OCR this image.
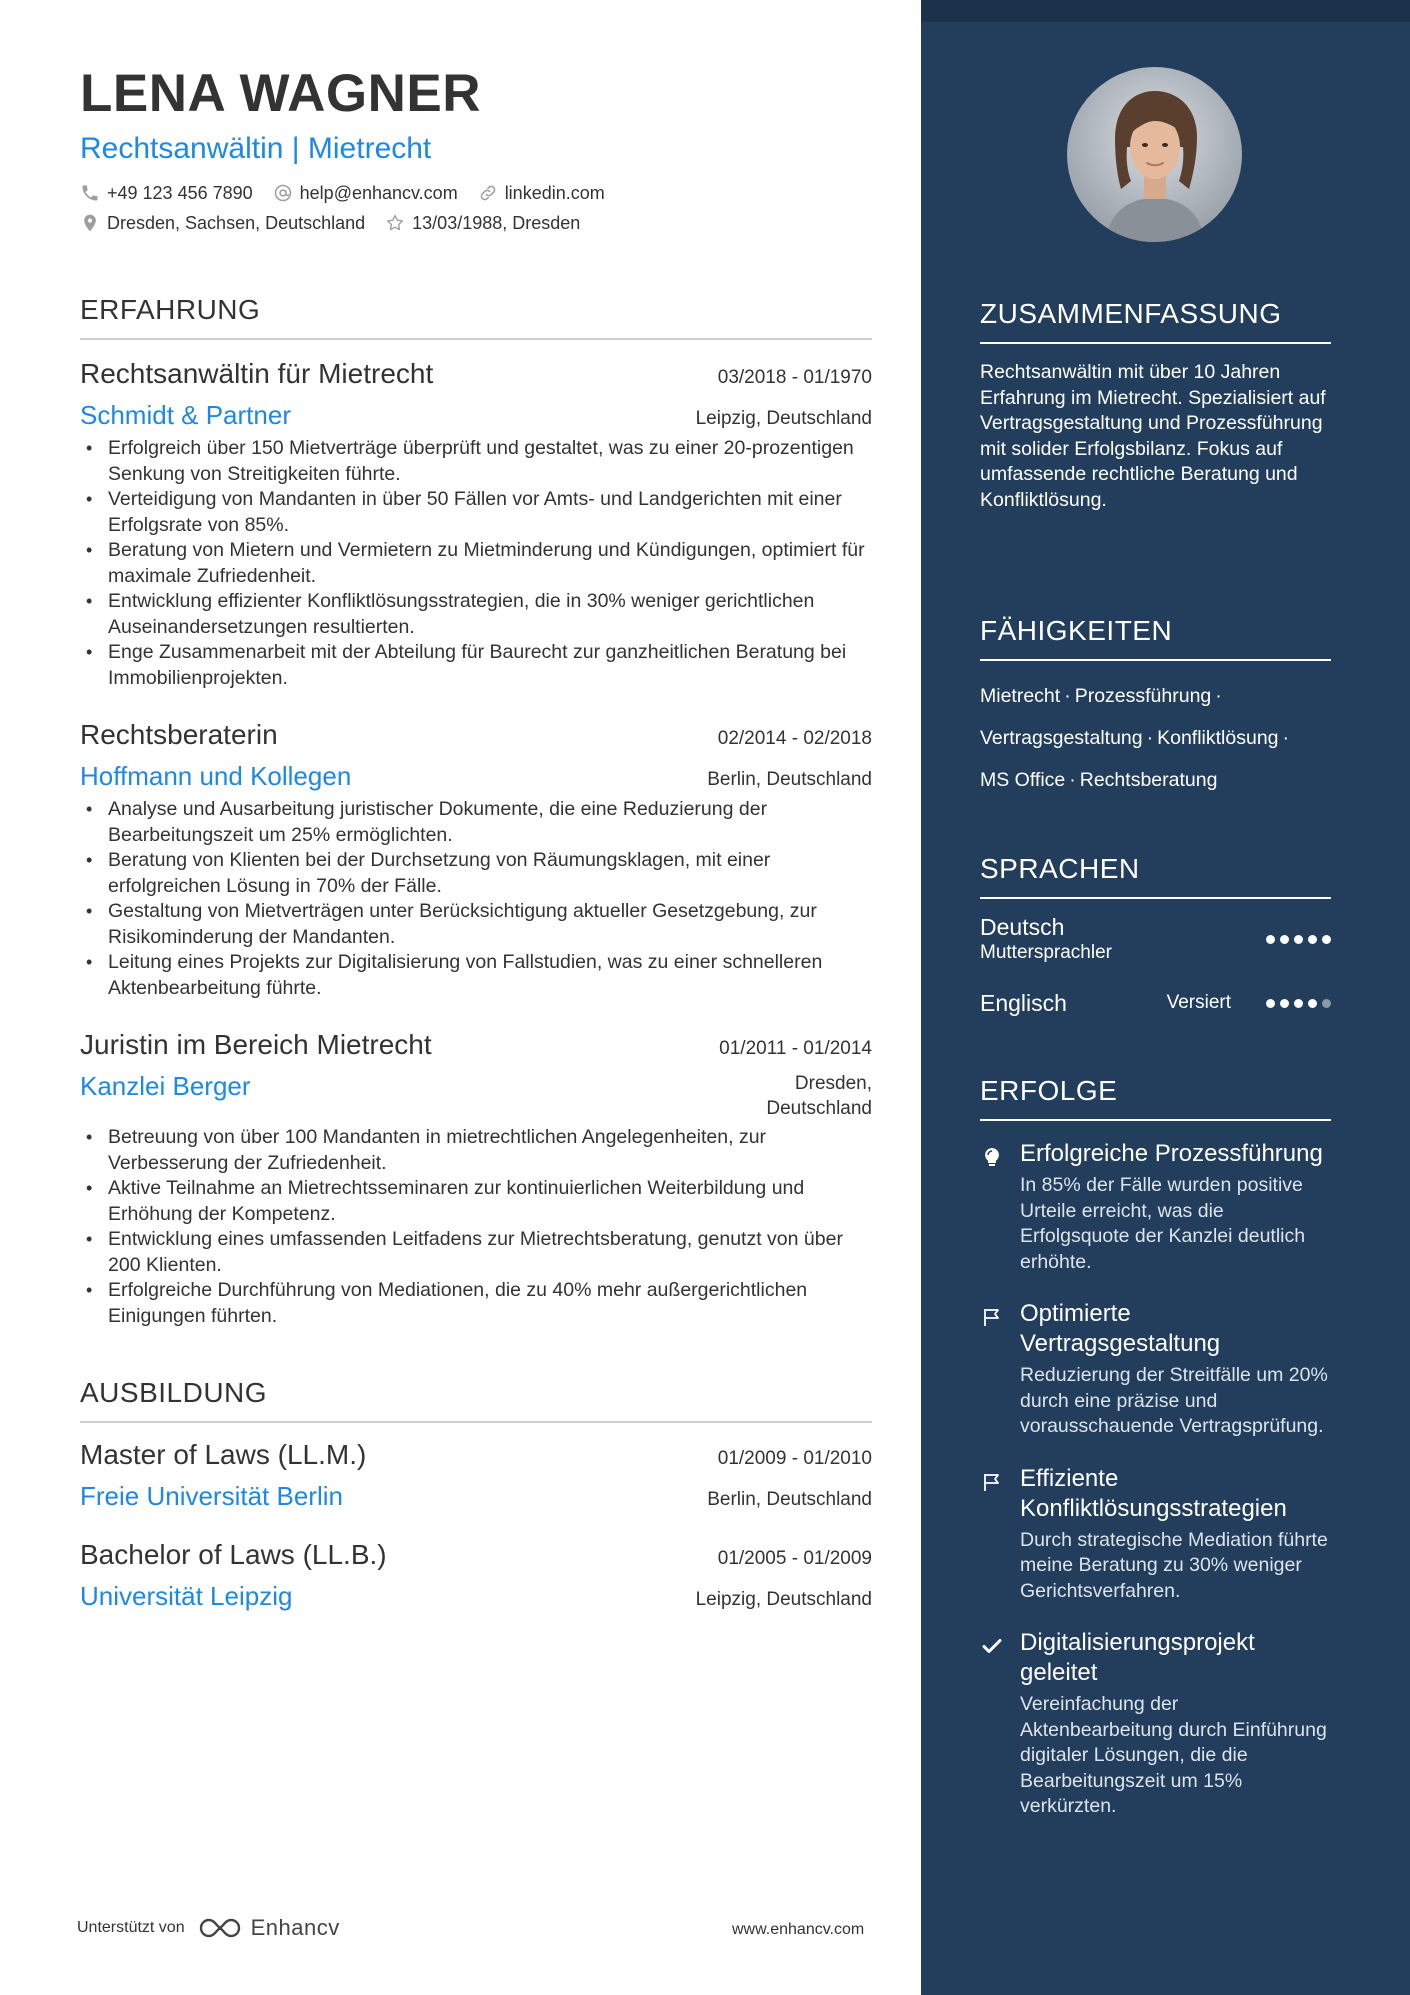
LENA WAGNER
Rechtsanwältin | Mietrecht
+49 123 456 7890	help@enhancv.com	linkedin.com
Dresden, Sachsen, Deutschland	13/03/1988, Dresden
ERFAHRUNG
Rechtsanwältin für Mietrecht	03/2018 - 01/1970
Schmidt & Partner	Leipzig, Deutschland
• Erfolgreich über 150 Mietverträge überprüft und gestaltet, was zu einer 20-prozentigen Senkung von Streitigkeiten führte.
• Verteidigung von Mandanten in über 50 Fällen vor Amts- und Landgerichten mit einer Erfolgsrate von 85%.
• Beratung von Mietern und Vermietern zu Mietminderung und Kündigungen, optimiert für maximale Zufriedenheit.
• Entwicklung effizienter Konfliktlösungsstrategien, die in 30% weniger gerichtlichen Auseinandersetzungen resultierten.
• Enge Zusammenarbeit mit der Abteilung für Baurecht zur ganzheitlichen Beratung bei Immobilienprojekten.
Rechtsberaterin	02/2014 - 02/2018
Hoffmann und Kollegen	Berlin, Deutschland
• Analyse und Ausarbeitung juristischer Dokumente, die eine Reduzierung der Bearbeitungszeit um 25% ermöglichten.
• Beratung von Klienten bei der Durchsetzung von Räumungsklagen, mit einer erfolgreichen Lösung in 70% der Fälle.
• Gestaltung von Mietverträgen unter Berücksichtigung aktueller Gesetzgebung, zur Risikominderung der Mandanten.
• Leitung eines Projekts zur Digitalisierung von Fallstudien, was zu einer schnelleren Aktenbearbeitung führte.
Juristin im Bereich Mietrecht	01/2011 - 01/2014
Kanzlei Berger	Dresden,
Deutschland
• Betreuung von über 100 Mandanten in mietrechtlichen Angelegenheiten, zur Verbesserung der Zufriedenheit.
• Aktive Teilnahme an Mietrechtsseminaren zur kontinuierlichen Weiterbildung und Erhöhung der Kompetenz.
• Entwicklung eines umfassenden Leitfadens zur Mietrechtsberatung, genutzt von über 200 Klienten.
• Erfolgreiche Durchführung von Mediationen, die zu 40% mehr außergerichtlichen Einigungen führten.
AUSBILDUNG
Master of Laws (LL.M.)	01/2009 - 01/2010
Freie Universität Berlin	Berlin, Deutschland
Bachelor of Laws (LL.B.)	01/2005 - 01/2009
Universität Leipzig	Leipzig, Deutschland
Unterstützt von	Enhancv	www.enhancv.com
ZUSAMMENFASSUNG
Rechtsanwältin mit über 10 Jahren Erfahrung im Mietrecht. Spezialisiert auf Vertragsgestaltung und Prozessführung mit solider Erfolgsbilanz. Fokus auf umfassende rechtliche Beratung und Konfliktlösung.
FÄHIGKEITEN
Mietrecht · Prozessführung ·
Vertragsgestaltung · Konfliktlösung ·
MS Office · Rechtsberatung
SPRACHEN
Deutsch
Muttersprachler
Englisch	Versiert
ERFOLGE
Erfolgreiche Prozessführung
In 85% der Fälle wurden positive Urteile erreicht, was die Erfolgsquote der Kanzlei deutlich erhöhte.
Optimierte Vertragsgestaltung
Reduzierung der Streitfälle um 20% durch eine präzise und vorausschauende Vertragsprüfung.
Effiziente Konfliktlösungsstrategien
Durch strategische Mediation führte meine Beratung zu 30% weniger Gerichtsverfahren.
Digitalisierungsprojekt geleitet
Vereinfachung der Aktenbearbeitung durch Einführung digitaler Lösungen, die die Bearbeitungszeit um 15% verkürzten.
